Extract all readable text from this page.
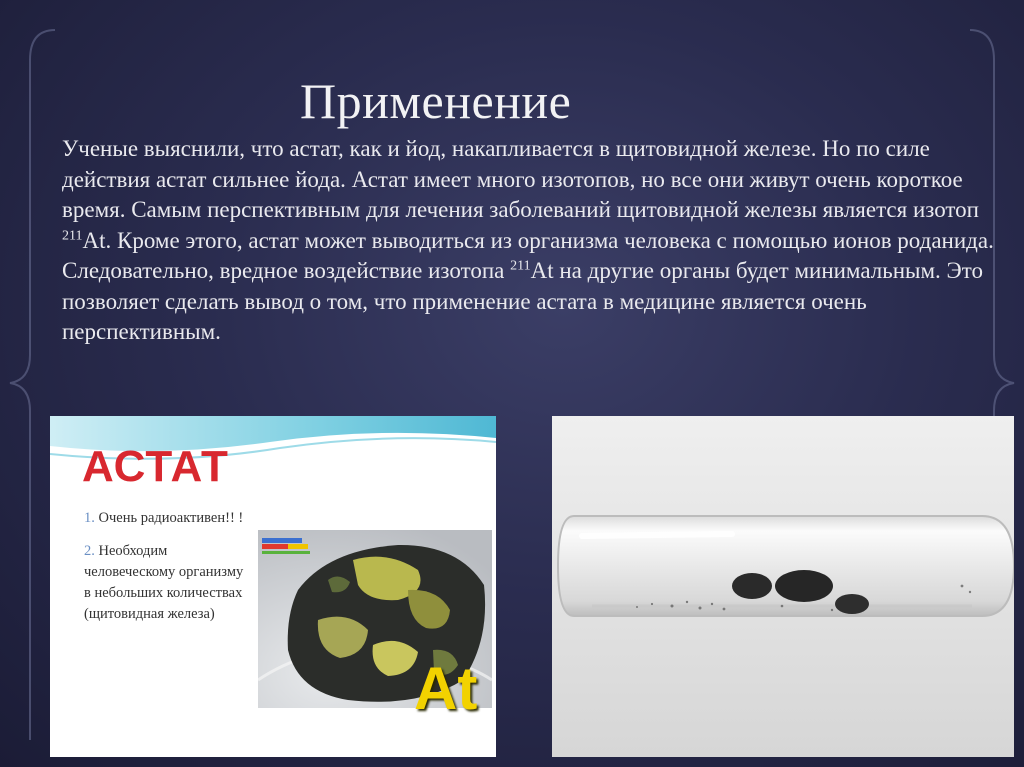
Применение

Ученые выяснили, что астат, как и йод, накапливается в щитовидной железе. Но по силе действия астат сильнее йода. Астат имеет много изотопов, но все они живут очень короткое время. Самым перспективным для лечения заболеваний щитовидной железы является изотоп $^{211}$At. Кроме этого, астат может выводиться из организма человека с помощью ионов роданида. Следовательно, вредное воздействие изотопа $^{211}$At на другие органы будет минимальным. Это позволяет сделать вывод о том, что применение астата в медицине является очень перспективным.

АСТАТ

1. Очень радиоактивен!! !

2. Необходим человеческому организму в небольших количествах (щитовидная железа)

At
